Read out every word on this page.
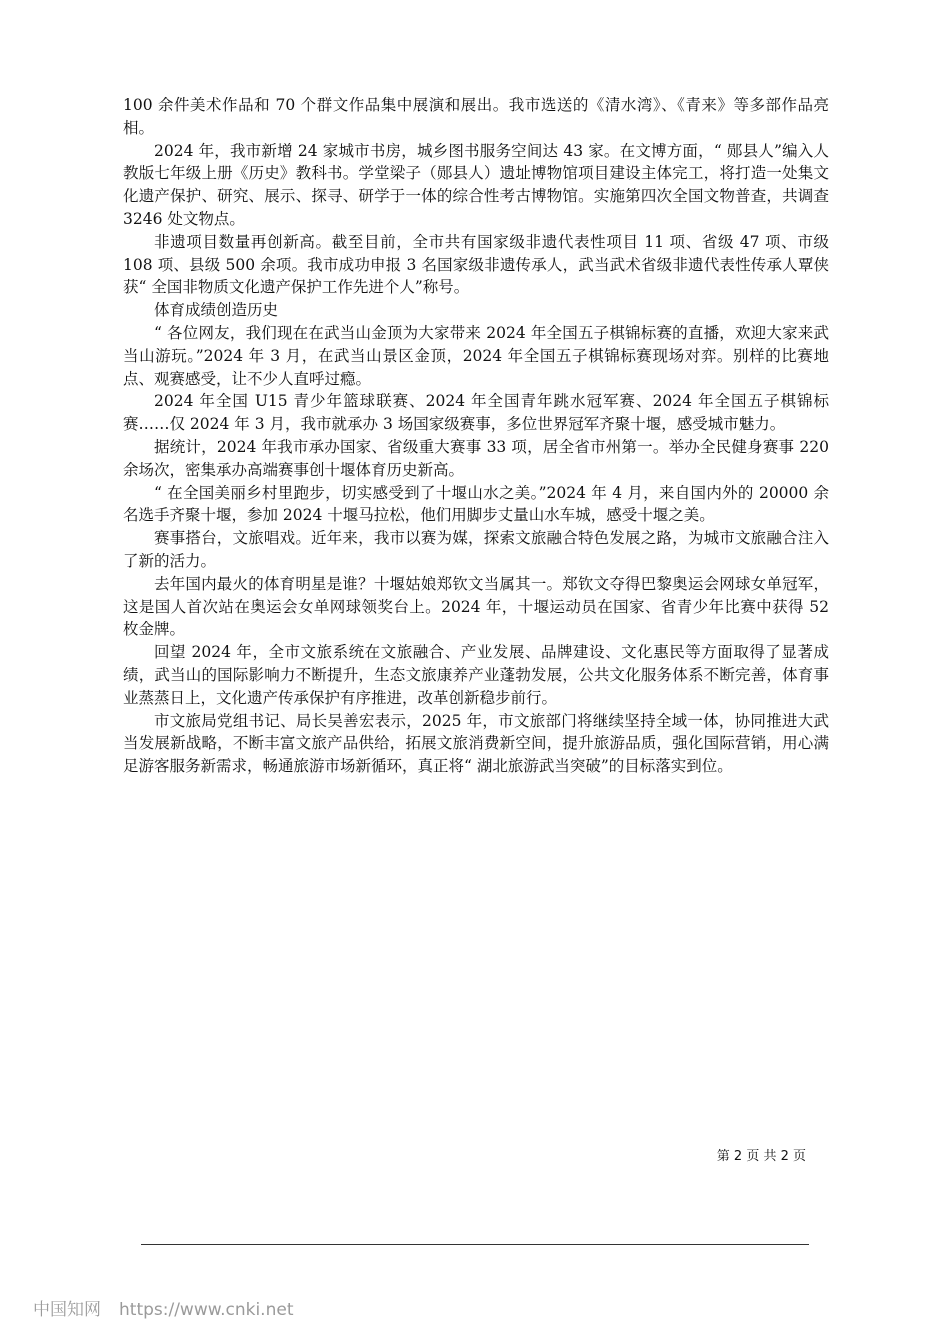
100 余件美术作品和 70 个群文作品集中展演和展出。我市选送的《清水湾》、《青来》等多部作品亮相。

2024 年，我市新增 24 家城市书房，城乡图书服务空间达 43 家。在文博方面，“ 郧县人”编入人教版七年级上册《历史》教科书。学堂梁子（郧县人）遗址博物馆项目建设主体完工，将打造一处集文化遗产保护、研究、展示、探寻、研学于一体的综合性考古博物馆。实施第四次全国文物普查，共调查 3246 处文物点。

非遗项目数量再创新高。截至目前，全市共有国家级非遗代表性项目 11 项、省级 47 项、市级 108 项、县级 500 余项。我市成功申报 3 名国家级非遗传承人，武当武术省级非遗代表性传承人覃侠获“ 全国非物质文化遗产保护工作先进个人”称号。

体育成绩创造历史

“ 各位网友，我们现在在武当山金顶为大家带来 2024 年全国五子棋锦标赛的直播，欢迎大家来武当山游玩。”2024 年 3 月，在武当山景区金顶，2024 年全国五子棋锦标赛现场对弈。别样的比赛地点、观赛感受，让不少人直呼过瘾。

2024 年全国 U15 青少年篮球联赛、2024 年全国青年跳水冠军赛、2024 年全国五子棋锦标赛……仅 2024 年 3 月，我市就承办 3 场国家级赛事，多位世界冠军齐聚十堰，感受城市魅力。

据统计，2024 年我市承办国家、省级重大赛事 33 项，居全省市州第一。举办全民健身赛事 220 余场次，密集承办高端赛事创十堰体育历史新高。

“ 在全国美丽乡村里跑步，切实感受到了十堰山水之美。”2024 年 4 月，来自国内外的 20000 余名选手齐聚十堰，参加 2024 十堰马拉松，他们用脚步丈量山水车城，感受十堰之美。

赛事搭台，文旅唱戏。近年来，我市以赛为媒，探索文旅融合特色发展之路，为城市文旅融合注入了新的活力。

去年国内最火的体育明星是谁？十堰姑娘郑钦文当属其一。郑钦文夺得巴黎奥运会网球女单冠军，这是国人首次站在奥运会女单网球领奖台上。2024 年，十堰运动员在国家、省青少年比赛中获得 52 枚金牌。

回望 2024 年，全市文旅系统在文旅融合、产业发展、品牌建设、文化惠民等方面取得了显著成绩，武当山的国际影响力不断提升，生态文旅康养产业蓬勃发展，公共文化服务体系不断完善，体育事业蒸蒸日上，文化遗产传承保护有序推进，改革创新稳步前行。

市文旅局党组书记、局长吴善宏表示，2025 年，市文旅部门将继续坚持全域一体，协同推进大武当发展新战略，不断丰富文旅产品供给，拓展文旅消费新空间，提升旅游品质，强化国际营销，用心满足游客服务新需求，畅通旅游市场新循环，真正将“ 湖北旅游武当突破”的目标落实到位。

第 2 页 共 2 页
中国知网 https://www.cnki.net
